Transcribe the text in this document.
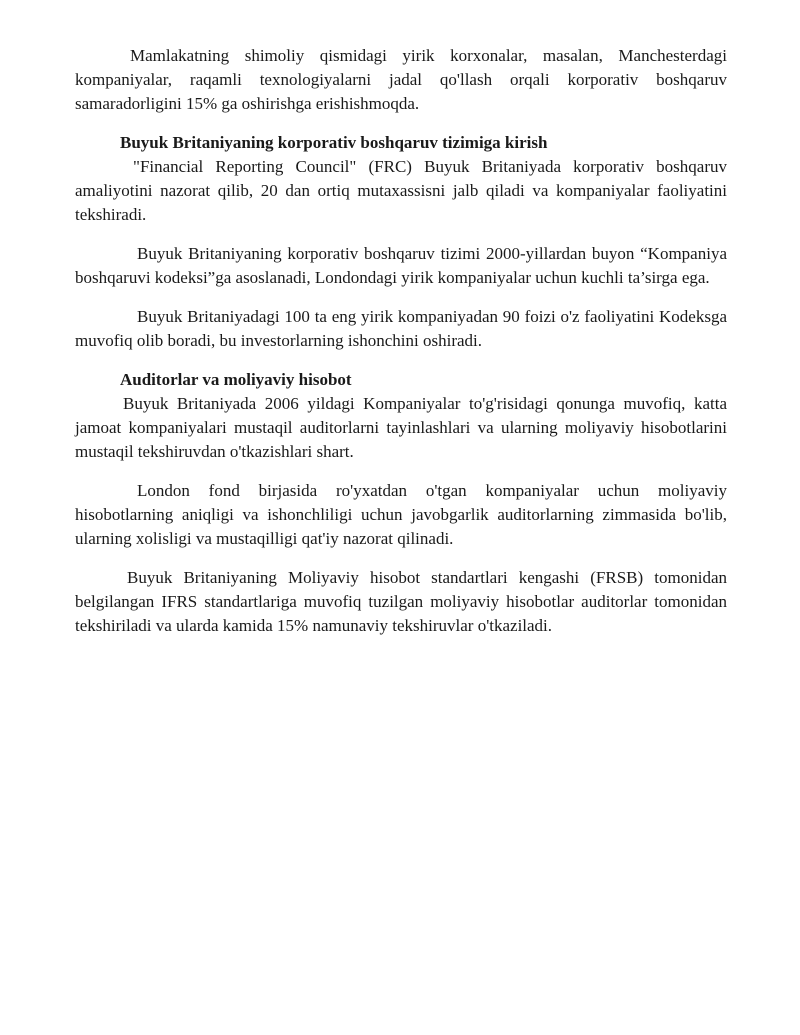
Mamlakatning shimoliy qismidagi yirik korxonalar, masalan, Manchesterdagi kompaniyalar, raqamli texnologiyalarni jadal qo'llash orqali korporativ boshqaruv samaradorligini 15% ga oshirishga erishishmoqda.

Buyuk Britaniyaning korporativ boshqaruv tizimiga kirish

"Financial Reporting Council" (FRC) Buyuk Britaniyada korporativ boshqaruv amaliyotini nazorat qilib, 20 dan ortiq mutaxassisni jalb qiladi va kompaniyalar faoliyatini tekshiradi.

Buyuk Britaniyaning korporativ boshqaruv tizimi 2000-yillardan buyon “Kompaniya boshqaruvi kodeksi”ga asoslanadi, Londondagi yirik kompaniyalar uchun kuchli ta’sirga ega.

Buyuk Britaniyadagi 100 ta eng yirik kompaniyadan 90 foizi o'z faoliyatini Kodeksga muvofiq olib boradi, bu investorlarning ishonchini oshiradi.

Auditorlar va moliyaviy hisobot

Buyuk Britaniyada 2006 yildagi Kompaniyalar to'g'risidagi qonunga muvofiq, katta jamoat kompaniyalari mustaqil auditorlarni tayinlashlari va ularning moliyaviy hisobotlarini mustaqil tekshiruvdan o'tkazishlari shart.

London fond birjasida ro'yxatdan o'tgan kompaniyalar uchun moliyaviy hisobotlarning aniqligi va ishonchliligi uchun javobgarlik auditorlarning zimmasida bo'lib, ularning xolisligi va mustaqilligi qat'iy nazorat qilinadi.

Buyuk Britaniyaning Moliyaviy hisobot standartlari kengashi (FRSB) tomonidan belgilangan IFRS standartlariga muvofiq tuzilgan moliyaviy hisobotlar auditorlar tomonidan tekshiriladi va ularda kamida 15% namunaviy tekshiruvlar o'tkaziladi.
